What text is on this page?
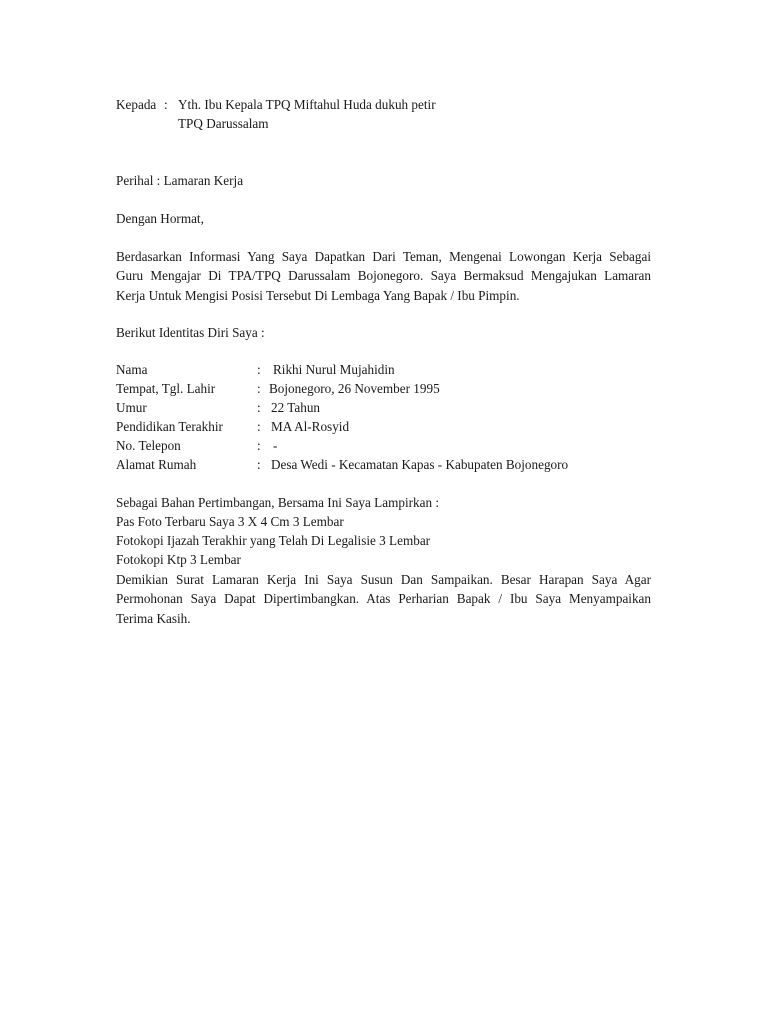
Kepada : Yth. Ibu Kepala TPQ Miftahul Huda dukuh petir
TPQ Darussalam
Perihal : Lamaran Kerja
Dengan Hormat,
Berdasarkan Informasi Yang Saya Dapatkan Dari Teman, Mengenai Lowongan Kerja Sebagai
Guru Mengajar Di TPA/TPQ Darussalam Bojonegoro. Saya Bermaksud Mengajukan Lamaran
Kerja Untuk Mengisi Posisi Tersebut Di Lembaga Yang Bapak / Ibu Pimpin.
Berikut Identitas Diri Saya :
Nama	: Rikhi Nurul Mujahidin
Tempat, Tgl. Lahir	: Bojonegoro, 26 November 1995
Umur	: 22 Tahun
Pendidikan Terakhir	: MA Al-Rosyid
No. Telepon	: -
Alamat Rumah	: Desa Wedi - Kecamatan Kapas - Kabupaten Bojonegoro
Sebagai Bahan Pertimbangan, Bersama Ini Saya Lampirkan :
Pas Foto Terbaru Saya 3 X 4 Cm 3 Lembar
Fotokopi Ijazah Terakhir yang Telah Di Legalisie 3 Lembar
Fotokopi Ktp 3 Lembar
Demikian Surat Lamaran Kerja Ini Saya Susun Dan Sampaikan. Besar Harapan Saya Agar
Permohonan Saya Dapat Dipertimbangkan. Atas Perharian Bapak / Ibu Saya Menyampaikan
Terima Kasih.
